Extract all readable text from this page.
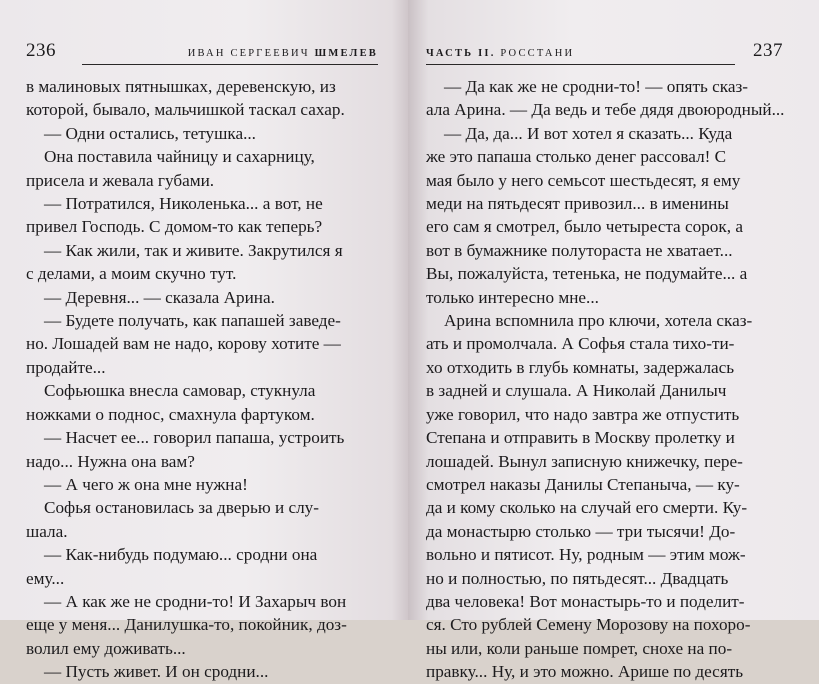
236	ИВАН СЕРГЕЕВИЧ ШМЕЛЕВ
в малиновых пятнышках, деревенскую, из
которой, бывало, мальчишкой таскал сахар.
— Одни остались, тетушка...
Она поставила чайницу и сахарницу,
присела и жевала губами.
— Потратился, Николенька... а вот, не
привел Господь. С домом-то как теперь?
— Как жили, так и живите. Закрутился я
с делами, а моим скучно тут.
— Деревня... — сказала Арина.
— Будете получать, как папашей заведе-
но. Лошадей вам не надо, корову хотите —
продайте...
Софьюшка внесла самовар, стукнула
ножками о поднос, смахнула фартуком.
— Насчет ее... говорил папаша, устроить
надо... Нужна она вам?
— А чего ж она мне нужна!
Софья остановилась за дверью и слу-
шала.
— Как-нибудь подумаю... сродни она
ему...
— А как же не сродни-то! И Захарыч вон
еще у меня... Данилушка-то, покойник, доз-
волил ему доживать...
— Пусть живет. И он сродни...
ЧАСТЬ II. РОССТАНИ	237
— Да как же не сродни-то! — опять сказ-
ала Арина. — Да ведь и тебе дядя двоюродный...
— Да, да... И вот хотел я сказать... Куда
же это папаша столько денег рассовал! С
мая было у него семьсот шестьдесят, я ему
меди на пятьдесят привозил... в именины
его сам я смотрел, было четыреста сорок, а
вот в бумажнике полутораста не хватает...
Вы, пожалуйста, тетенька, не подумайте... а
только интересно мне...
Арина вспомнила про ключи, хотела сказ-
ать и промолчала. А Софья стала тихо-ти-
хо отходить в глубь комнаты, задержалась
в задней и слушала. А Николай Данилыч
уже говорил, что надо завтра же отпустить
Степана и отправить в Москву пролетку и
лошадей. Вынул записную книжечку, пере-
смотрел наказы Данилы Степаныча, — ку-
да и кому сколько на случай его смерти. Ку-
да монастырю столько — три тысячи! До-
вольно и пятисот. Ну, родным — этим мож-
но и полностью, по пятьдесят... Двадцать
два человека! Вот монастырь-то и поделит-
ся. Сто рублей Семену Морозову на похоро-
ны или, коли раньше помрет, снохе на по-
правку... Ну, и это можно. Арише по десять
